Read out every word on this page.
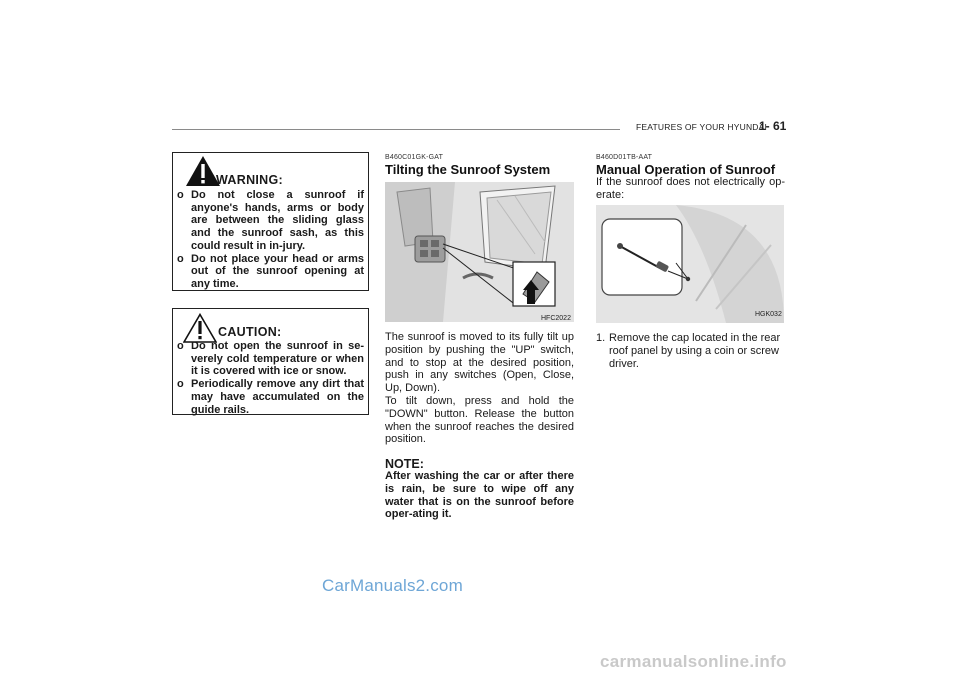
FEATURES OF YOUR HYUNDAI
1- 61
WARNING:
o Do not close a sunroof if anyone's hands, arms or body are between the sliding glass and the sunroof sash, as this could result in in-jury.
o Do not place your head or arms out of the sunroof opening at any time.
CAUTION:
o Do not open the sunroof in se-verely cold temperature or when it is covered with ice or snow.
o Periodically remove any dirt that may have accumulated on the guide rails.
B460C01GK-GAT
Tilting the Sunroof System
HFC2022

The sunroof is moved to its fully tilt up position by pushing the "UP" switch, and to stop at the desired position, push in any switches (Open, Close, Up, Down).
To tilt down, press and hold the "DOWN" button. Release the button when the sunroof reaches the desired position.

NOTE:

After washing the car or after there is rain, be sure to wipe off any water that is on the sunroof before oper-ating it.

B460D01TB-AAT
Manual Operation of Sunroof

If the sunroof does not electrically op-erate:

HGK032
1. Remove the cap located in the rear roof panel by using a coin or screw driver.
CarManuals2.com
carmanualsonline.info
